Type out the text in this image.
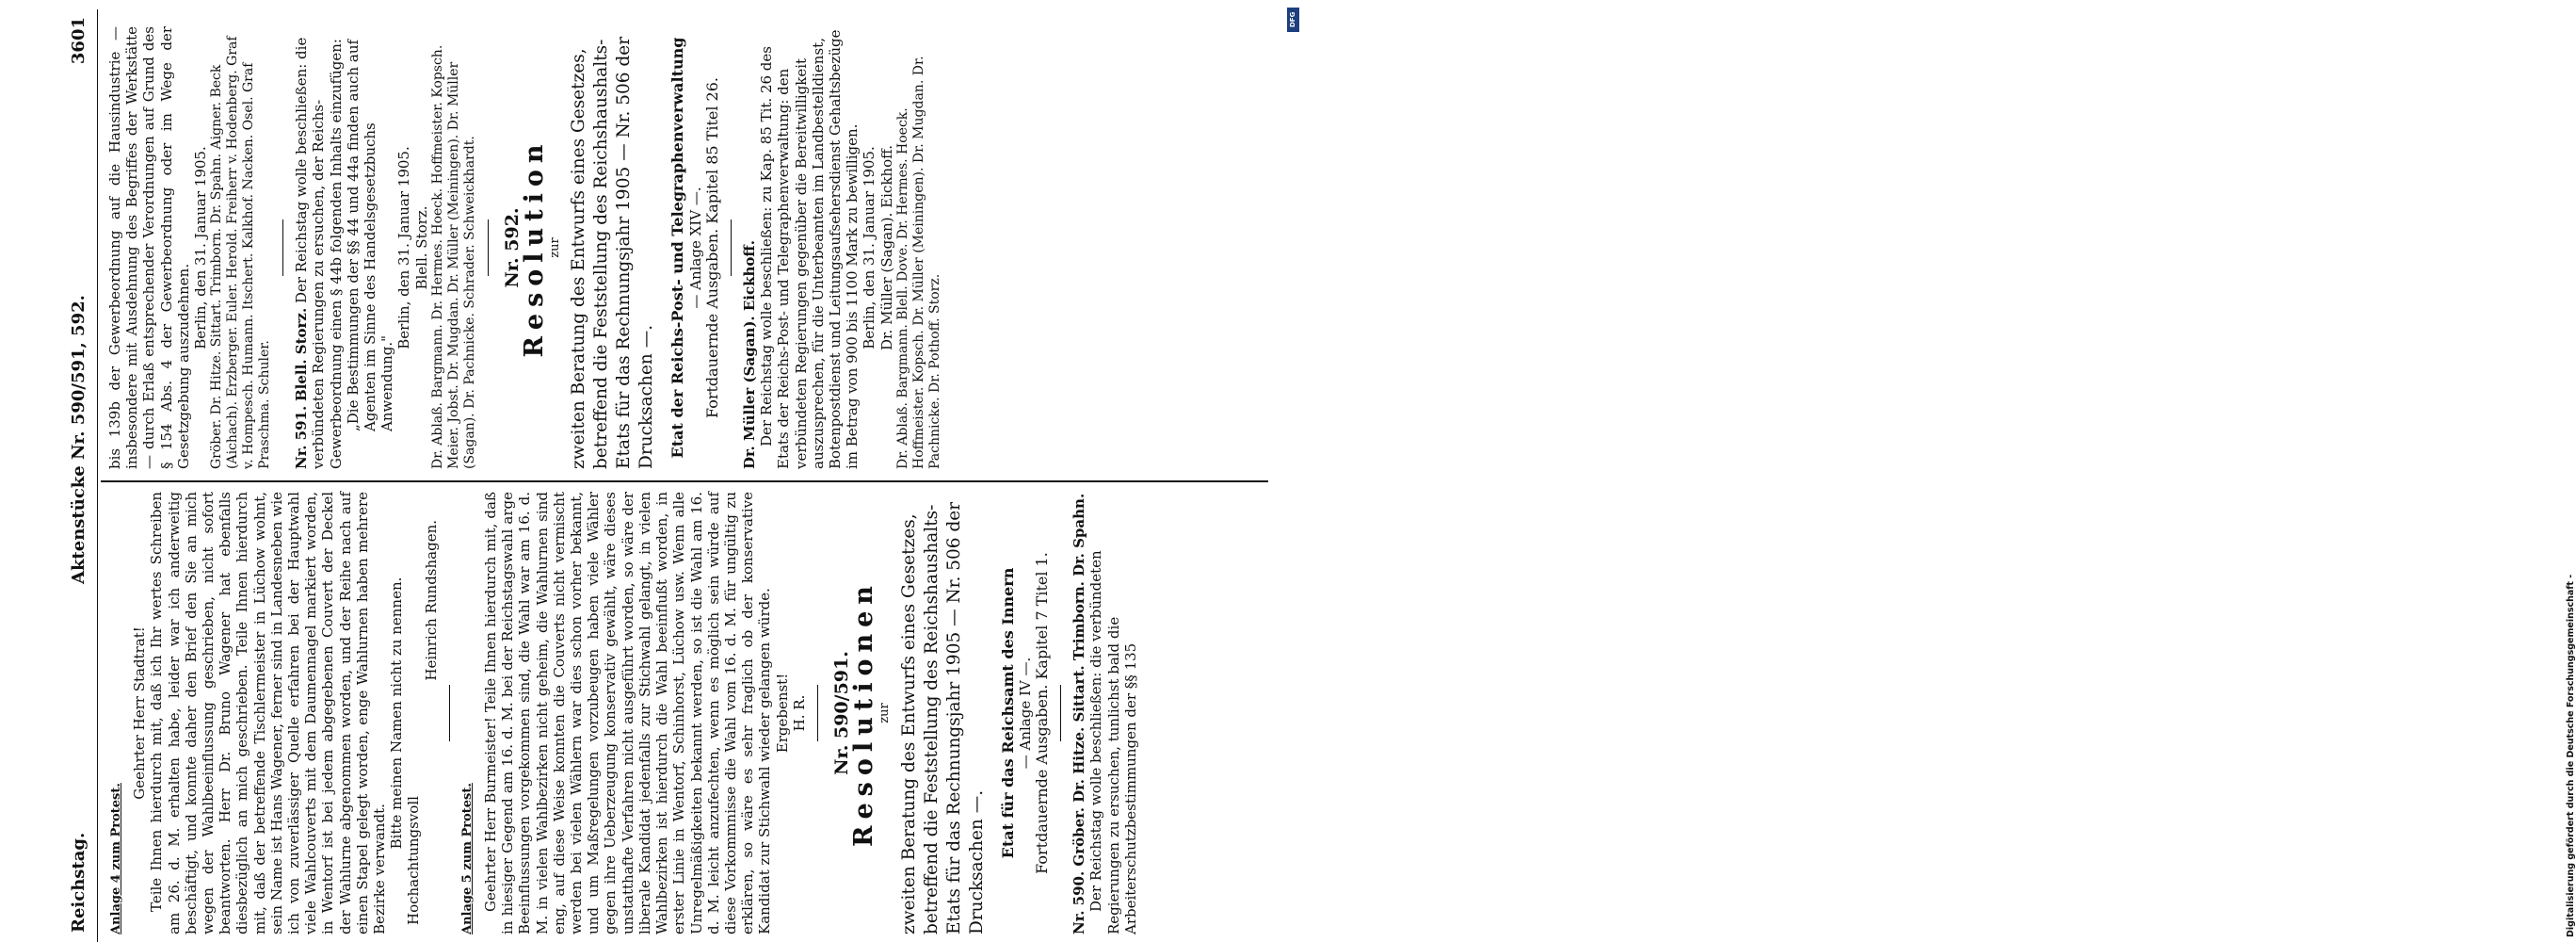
Reichstag.
Aktenstücke Nr. 590/591, 592.
3601

Anlage 4 zum Protest.

Geehrter Herr Stadtrat! Teile Ihnen hierdurch mit, daß ich Ihr wertes Schreiben am 26. d. M. erhalten habe, leider war ich anderweitig beschäftigt, und konnte daher den Brief den Sie an mich wegen der Wahlbeeinflussung geschrieben, nicht sofort beantworten. Herr Dr. Bruno Wagener hat ebenfalls diesbezüglich an mich geschrieben. Teile Ihnen hierdurch mit, daß der betreffende Tischlermeister in Lüchow wohnt, sein Name ist Hans Wagener, ferner sind in Landesneben wie ich von zuverlässiger Quelle erfahren bei der Hauptwahl viele Wahlcouverts mit dem Daumennagel markiert worden, in Wentorf ist bei jedem abgegebenen Couvert der Deckel der Wahlurne abgenommen worden, und der Reihe nach auf einen Stapel gelegt worden, enge Wahlurnen haben mehrere Bezirke verwandt.

Bitte meinen Namen nicht zu nennen.

Hochachtungsvoll

Heinrich Rundshagen.

Anlage 5 zum Protest. Geehrter Herr Burmeister! Teile Ihnen hierdurch mit, daß in hiesiger Gegend am 16. d. M. bei der Reichstagswahl arge Beeinflussungen vorgekommen sind, die Wahl war am 16. d. M. in vielen Wahlbezirken nicht geheim, die Wahlurnen sind eng, auf diese Weise konnten die Couverts nicht vermischt werden bei vielen Wählern war dies schon vorher bekannt, und um Maßregelungen vorzubeugen haben viele Wähler gegen ihre Ueberzeugung konservativ gewählt, wäre dieses unstatthafte Verfahren nicht ausgeführt worden, so wäre der liberale Kandidat jedenfalls zur Stichwahl gelangt, in vielen Wahlbezirken ist hierdurch die Wahl beeinflußt worden, in erster Linie in Wentorf, Schinhorst, Lüchow usw. Wenn alle Unregelmäßigkeiten bekannt werden, so ist die Wahl am 16. d. M. leicht anzufechten, wenn es möglich sein würde auf diese Vorkommnisse die Wahl vom 16. d. M. für ungültig zu erklären, so wäre es sehr fraglich ob der konservative Kandidat zur Stichwahl wieder gelangen würde. Ergebenst! H. R. Nr. 590/591.

Resolutionen zur zweiten Beratung des Entwurfs eines Gesetzes, betreffend die Feststellung des Reichshaushalts-Etats für das Rechnungsjahr 1905 — Nr. 506 der Drucksachen —.

Etat für das Reichsamt des Innern — Anlage IV —. Fortdauernde Ausgaben. Kapitel 7 Titel 1. Nr. 590. Gröber. Dr. Hitze. Sittart. Trimborn. Dr. Spahn. Der Reichstag wolle beschließen: die verbündeten Regierungen zu ersuchen, tunlichst bald die Arbeiterschutzbestimmungen der §§ 135

bis 139b der Gewerbeordnung auf die Hausindustrie — insbesondere mit Ausdehnung des Begriffes der Werkstätte — durch Erlaß entsprechender Verordnungen auf Grund des § 154 Abs. 4 der Gewerbeordnung oder im Wege der Gesetzgebung auszudehnen.

Berlin, den 31. Januar 1905. Gröber. Dr. Hitze. Sittart. Trimborn. Dr. Spahn. Aigner. Beck (Aichach). Erzberger. Euler. Herold. Freiherr v. Hodenberg. Graf v. Hompesch. Humann. Itschert. Kalkhof. Nacken. Osel. Graf Praschma. Schuler. Nr. 591. Blell. Storz. Der Reichstag wolle beschließen: die verbündeten Regierungen zu ersuchen, der Reichs-Gewerbeordnung einen § 44b folgenden Inhalts einzufügen: „Die Bestimmungen der §§ 44 und 44a finden auch auf Agenten im Sinne des Handelsgesetzbuchs Anwendung."

Berlin, den 31. Januar 1905. Blell. Storz. Dr. Ablaß. Bargmann. Dr. Hermes. Hoeck. Hoffmeister. Kopsch. Meier. Jobst. Dr. Mugdan. Dr. Müller (Meiningen). Dr. Müller (Sagan). Dr. Pachnicke. Schrader. Schweickhardt. Nr. 592.

Resolution zur zweiten Beratung des Entwurfs eines Gesetzes, betreffend die Feststellung des Reichshaushalts-Etats für das Rechnungsjahr 1905 — Nr. 506 der Drucksachen —. Etat der Reichs-Post- und Telegraphenverwaltung — Anlage XIV —. Fortdauernde Ausgaben. Kapitel 85 Titel 26. Dr. Müller (Sagan). Eickhoff. Der Reichstag wolle beschließen: zu Kap. 85 Tit. 26 des Etats der Reichs-Post- und Telegraphenverwaltung: den verbündeten Regierungen gegenüber die Bereitwilligkeit auszusprechen, für die Unterbeamten im Landbestelldienst, Botenpostdienst und Leitungsaufsehersdienst Gehaltsbezüge im Betrag von 900 bis 1100 Mark zu bewilligen. Berlin, den 31. Januar 1905. Dr. Müller (Sagan). Eickhoff. Dr. Ablaß. Bargmann. Blell. Dove. Dr. Hermes. Hoeck. Hoffmeister. Kopsch. Dr. Müller (Meiningen). Dr. Mugdan. Dr. Pachnicke. Dr. Pothoff. Storz.

Digitalisierung gefördert durch die Deutsche Forschungsgemeinschaft -
DFG
